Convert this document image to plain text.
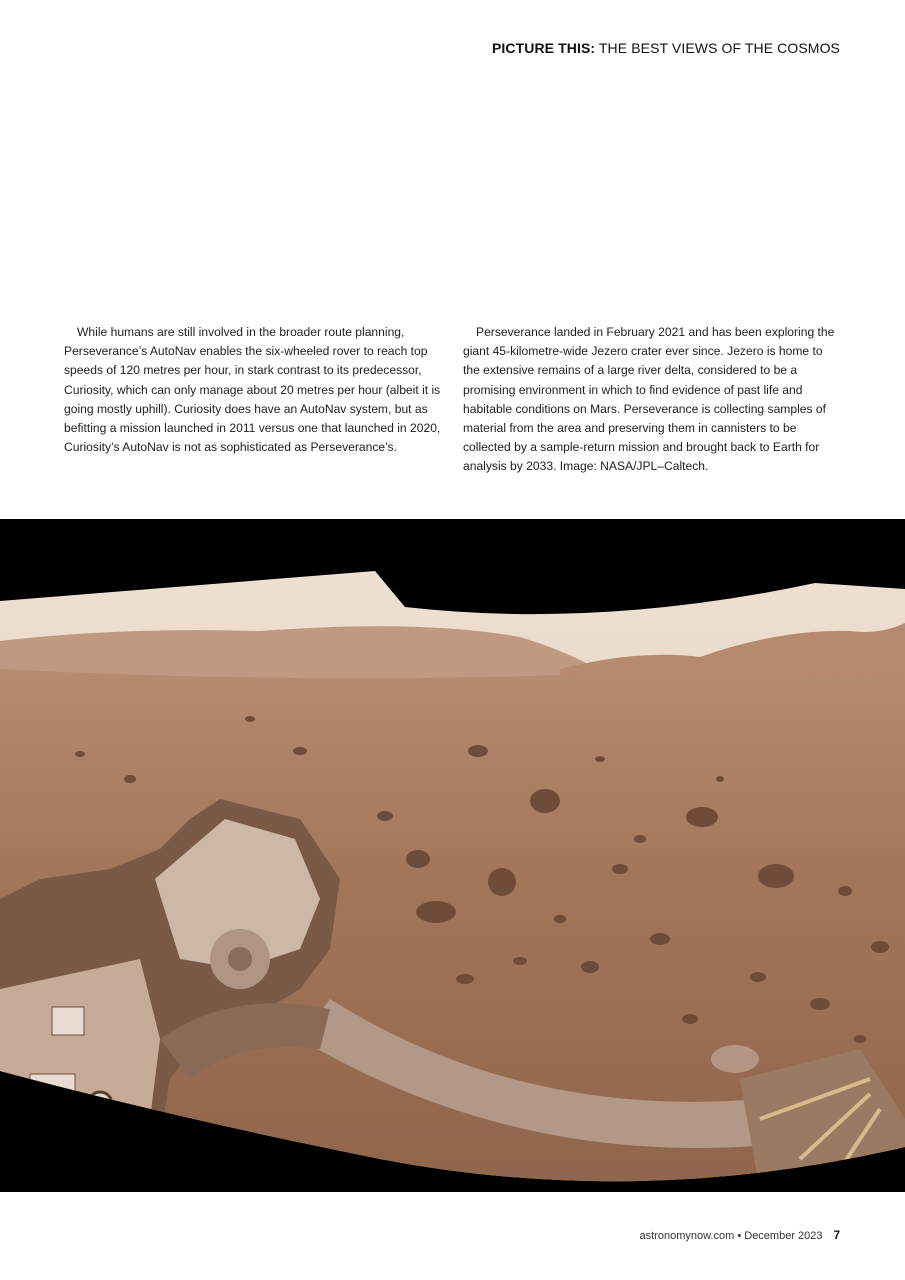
PICTURE THIS: THE BEST VIEWS OF THE COSMOS
While humans are still involved in the broader route planning, Perseverance’s AutoNav enables the six-wheeled rover to reach top speeds of 120 metres per hour, in stark contrast to its predecessor, Curiosity, which can only manage about 20 metres per hour (albeit it is going mostly uphill). Curiosity does have an AutoNav system, but as befitting a mission launched in 2011 versus one that launched in 2020, Curiosity’s AutoNav is not as sophisticated as Perseverance’s.
Perseverance landed in February 2021 and has been exploring the giant 45-kilometre-wide Jezero crater ever since. Jezero is home to the extensive remains of a large river delta, considered to be a promising environment in which to find evidence of past life and habitable conditions on Mars. Perseverance is collecting samples of material from the area and preserving them in cannisters to be collected by a sample-return mission and brought back to Earth for analysis by 2033. Image: NASA/JPL–Caltech.
astronomynow.com • December 2023 7
